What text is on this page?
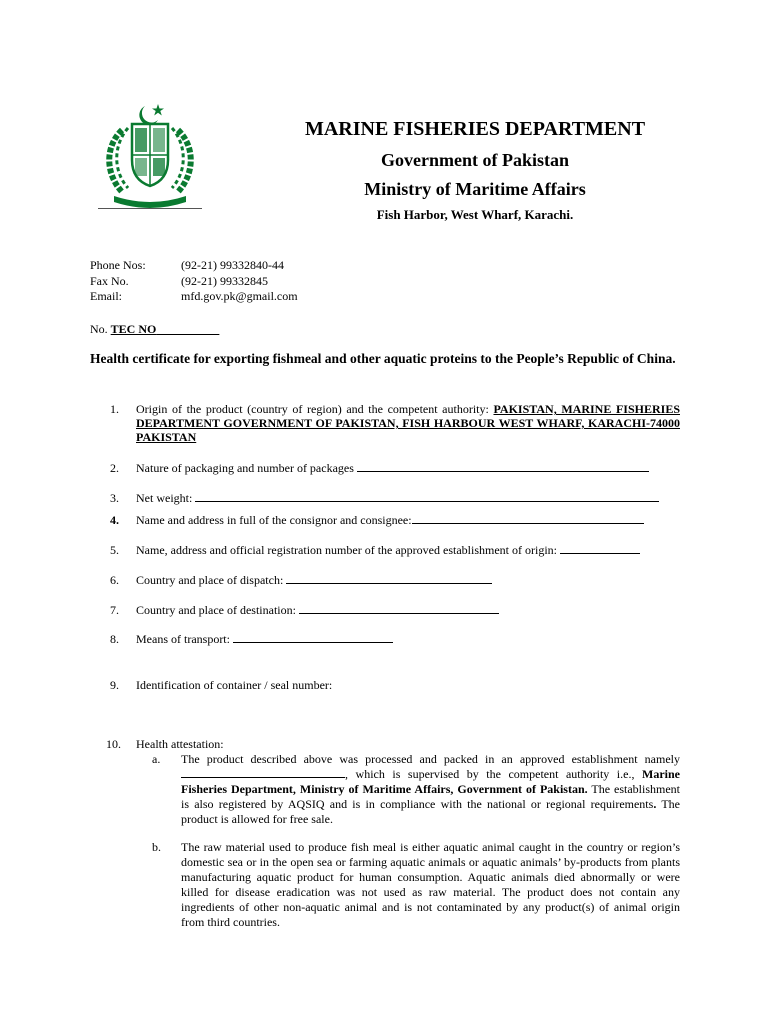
MARINE FISHERIES DEPARTMENT
Government of Pakistan
Ministry of Maritime Affairs
Fish Harbor, West Wharf, Karachi.
Phone Nos:	(92-21) 99332840-44
Fax No.	(92-21) 99332845
Email:	mfd.gov.pk@gmail.com
No. TEC NO
Health certificate for exporting fishmeal and other aquatic proteins to the People’s Republic of China.
1.	Origin of the product (country of region) and the competent authority: PAKISTAN, MARINE FISHERIES DEPARTMENT GOVERNMENT OF PAKISTAN, FISH HARBOUR WEST WHARF, KARACHI-74000 PAKISTAN
2.	Nature of packaging and number of packages
3.	Net weight:
4.	Name and address in full of the consignor and consignee:
5.	Name, address and official registration number of the approved establishment of origin:
6.	Country and place of dispatch:
7.	Country and place of destination:
8.	Means of transport:
9.	Identification of container / seal number:
10.	Health attestation:
a.	The product described above was processed and packed in an approved establishment namely, which is supervised by the competent authority i.e., Marine Fisheries Department, Ministry of Maritime Affairs, Government of Pakistan. The establishment is also registered by AQSIQ and is in compliance with the national or regional requirements. The product is allowed for free sale.
b.	The raw material used to produce fish meal is either aquatic animal caught in the country or region’s domestic sea or in the open sea or farming aquatic animals or aquatic animals’ by-products from plants manufacturing aquatic product for human consumption. Aquatic animals died abnormally or were killed for disease eradication was not used as raw material. The product does not contain any ingredients of other non-aquatic animal and is not contaminated by any product(s) of animal origin from third countries.
